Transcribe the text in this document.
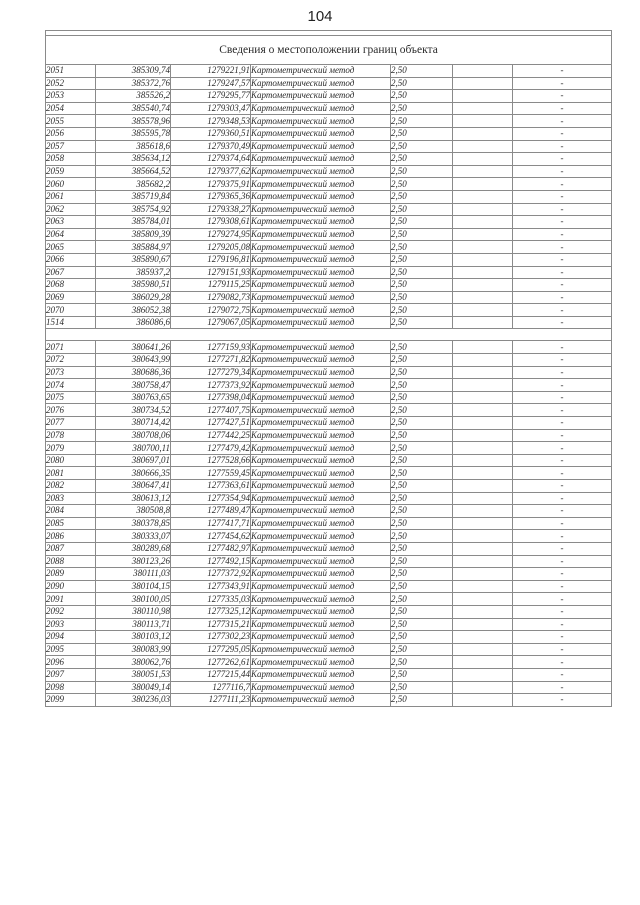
104

Сведения о местоположении границ объекта						
2051	385309,74	1279221,91	Картометрический метод	2,50		-
2052	385372,76	1279247,57	Картометрический метод	2,50		-
2053	385526,2	1279295,77	Картометрический метод	2,50		-
2054	385540,74	1279303,47	Картометрический метод	2,50		-
2055	385578,96	1279348,53	Картометрический метод	2,50		-
2056	385595,78	1279360,51	Картометрический метод	2,50		-
2057	385618,6	1279370,49	Картометрический метод	2,50		-
2058	385634,12	1279374,64	Картометрический метод	2,50		-
2059	385664,52	1279377,62	Картометрический метод	2,50		-
2060	385682,2	1279375,91	Картометрический метод	2,50		-
2061	385719,84	1279365,36	Картометрический метод	2,50		-
2062	385754,92	1279338,27	Картометрический метод	2,50		-
2063	385784,01	1279308,61	Картометрический метод	2,50		-
2064	385809,39	1279274,95	Картометрический метод	2,50		-
2065	385884,97	1279205,08	Картометрический метод	2,50		-
2066	385890,67	1279196,81	Картометрический метод	2,50		-
2067	385937,2	1279151,93	Картометрический метод	2,50		-
2068	385980,51	1279115,25	Картометрический метод	2,50		-
2069	386029,28	1279082,73	Картометрический метод	2,50		-
2070	386052,38	1279072,75	Картометрический метод	2,50		-
1514	386086,6	1279067,05	Картометрический метод	2,50		-

2071	380641,26	1277159,93	Картометрический метод	2,50		-
2072	380643,99	1277271,82	Картометрический метод	2,50		-
2073	380686,36	1277279,34	Картометрический метод	2,50		-
2074	380758,47	1277373,92	Картометрический метод	2,50		-
2075	380763,65	1277398,04	Картометрический метод	2,50		-
2076	380734,52	1277407,75	Картометрический метод	2,50		-
2077	380714,42	1277427,51	Картометрический метод	2,50		-
2078	380708,06	1277442,25	Картометрический метод	2,50		-
2079	380700,11	1277479,42	Картометрический метод	2,50		-
2080	380697,01	1277528,66	Картометрический метод	2,50		-
2081	380666,35	1277559,45	Картометрический метод	2,50		-
2082	380647,41	1277363,61	Картометрический метод	2,50		-
2083	380613,12	1277354,94	Картометрический метод	2,50		-
2084	380508,8	1277489,47	Картометрический метод	2,50		-
2085	380378,85	1277417,71	Картометрический метод	2,50		-
2086	380333,07	1277454,62	Картометрический метод	2,50		-
2087	380289,68	1277482,97	Картометрический метод	2,50		-
2088	380123,26	1277492,15	Картометрический метод	2,50		-
2089	380111,03	1277372,92	Картометрический метод	2,50		-
2090	380104,15	1277343,91	Картометрический метод	2,50		-
2091	380100,05	1277335,03	Картометрический метод	2,50		-
2092	380110,98	1277325,12	Картометрический метод	2,50		-
2093	380113,71	1277315,21	Картометрический метод	2,50		-
2094	380103,12	1277302,23	Картометрический метод	2,50		-
2095	380083,99	1277295,05	Картометрический метод	2,50		-
2096	380062,76	1277262,61	Картометрический метод	2,50		-
2097	380051,53	1277215,44	Картометрический метод	2,50		-
2098	380049,14	1277116,7	Картометрический метод	2,50		-
2099	380236,03	1277111,23	Картометрический метод	2,50		-
